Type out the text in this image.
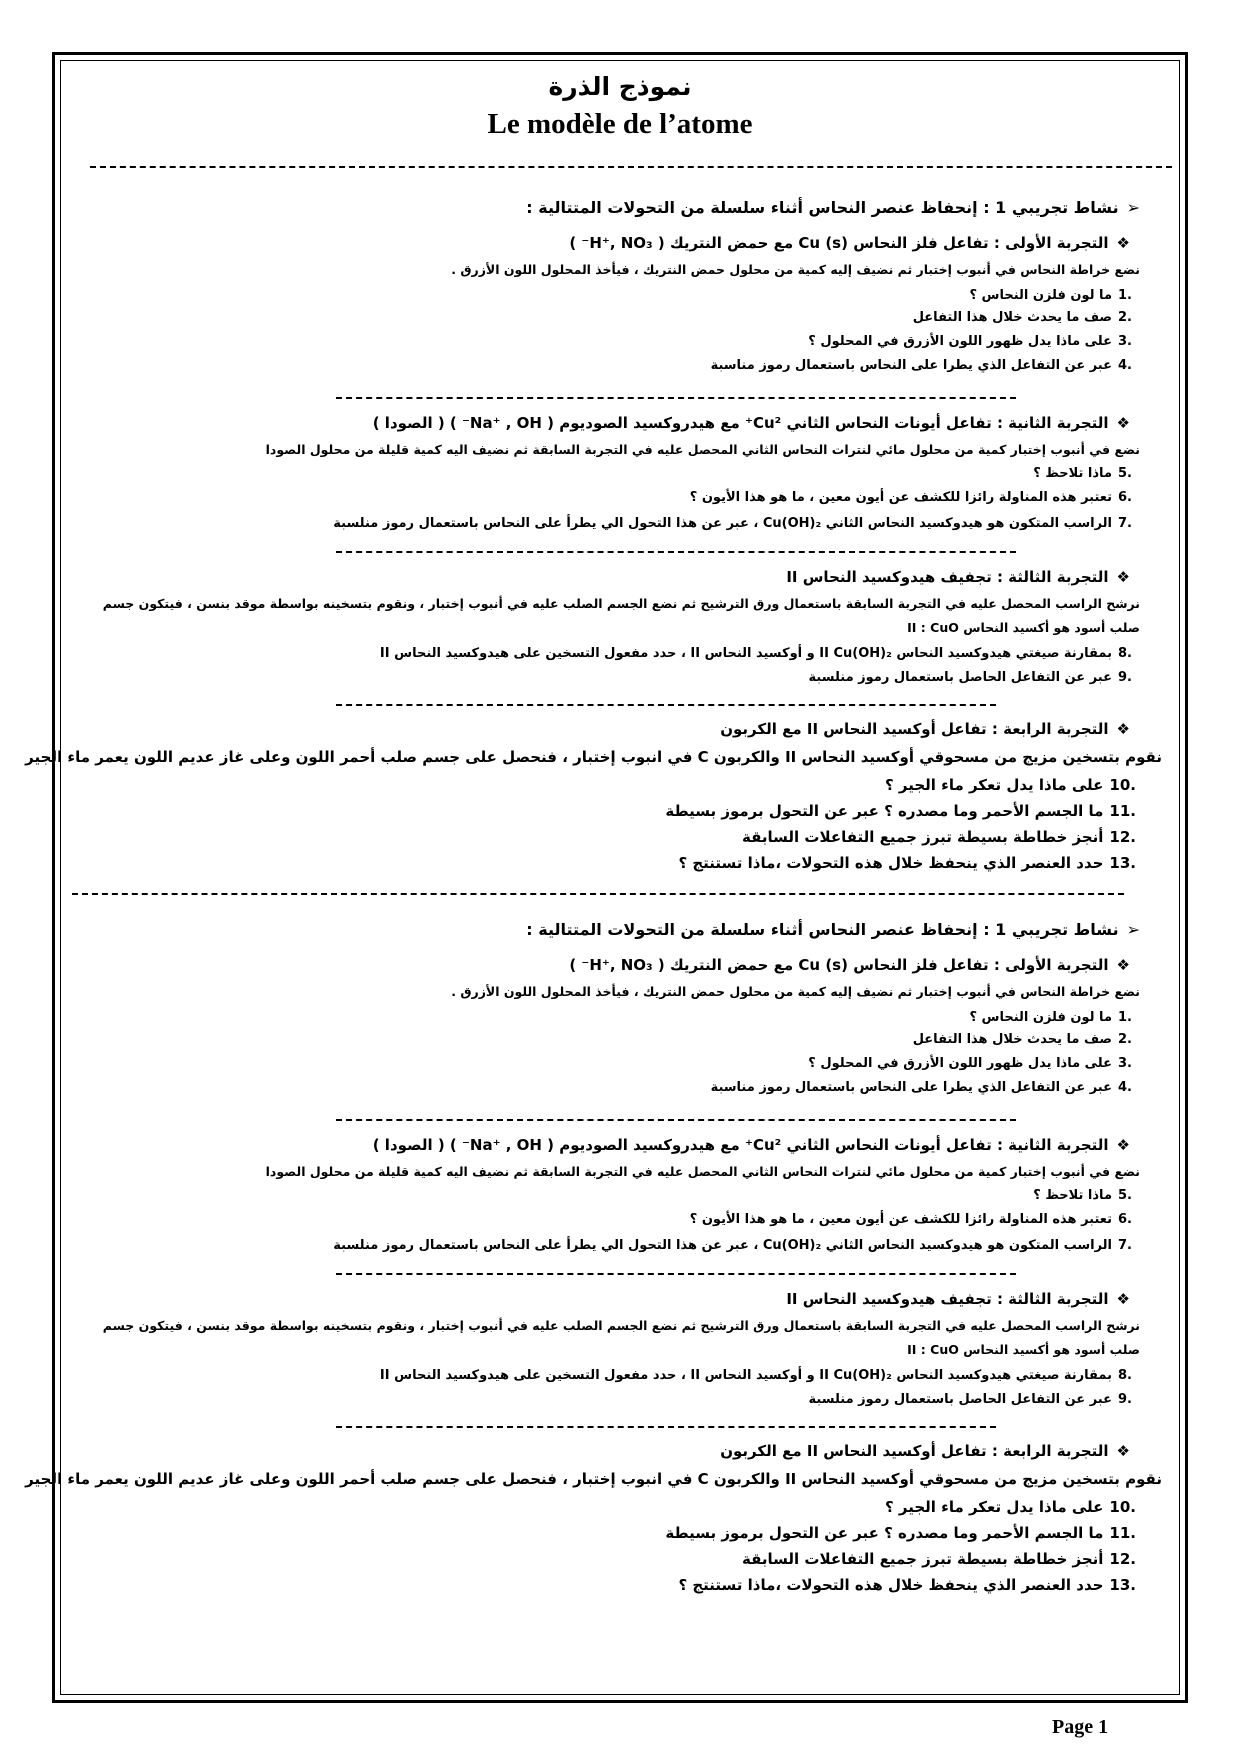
نموذج الذرة
Le modèle de l’atome
➢نشاط تجريبي 1 : إنحفاظ عنصر النحاس أثناء سلسلة من التحولات المتتالية :
❖التجربة الأولى : تفاعل فلز النحاس Cu (s) مع حمض النتريك ( H⁺, NO₃⁻ )
نضع خراطة النحاس في أنبوب إختبار ثم نضيف إليه كمية من محلول حمض النتريك ، فيأخذ المحلول اللون الأزرق .
.1ما لون فلزن النحاس ؟
.2صف ما يحدث خلال هذا التفاعل
.3على ماذا يدل ظهور اللون الأزرق في المحلول ؟
.4عبر عن التفاعل الذي يطرا على النحاس باستعمال رموز مناسبة
❖التجربة الثانية : تفاعل أيونات النحاس الثاني Cu²⁺ مع هيدروكسيد الصوديوم ( Na⁺ , OH⁻ ) ( الصودا )
نضع في أنبوب إختبار كمية من محلول مائي لنترات النحاس الثاني المحصل عليه في التجربة السابقة ثم نضيف اليه كمية قليلة من محلول الصودا
.5ماذا تلاحظ ؟
.6تعتبر هذه المناولة رائزا للكشف عن أيون معين ، ما هو هذا الأيون ؟
.7الراسب المتكون هو هيدوكسيد النحاس الثاني Cu(OH)₂ ، عبر عن هذا التحول الي يطرأ على النحاس باستعمال رموز منلسبة
❖التجربة الثالثة : تجفيف هيدوكسيد النحاس II
نرشح الراسب المحصل عليه في التجربة السابقة باستعمال ورق الترشيح ثم نضع الجسم الصلب عليه في أنبوب إختبار ، ونقوم بتسخينه بواسطة موقد بنسن ، فيتكون جسم
صلب أسود هو أكسيد النحاس II : CuO
.8بمقارنة صيغتي هيدوكسيد النحاس II Cu(OH)₂ و أوكسيد النحاس II ، حدد مفعول التسخين على هيدوكسيد النحاس II
.9عبر عن التفاعل الحاصل باستعمال رموز منلسبة
❖التجربة الرابعة : تفاعل أوكسيد النحاس II مع الكربون
نقوم بتسخين مزيج من مسحوقي أوكسيد النحاس II والكربون C في انبوب إختبار ، فنحصل على جسم صلب أحمر اللون وعلى غاز عديم اللون يعمر ماء الجير
.10على ماذا يدل تعكر ماء الجير ؟
.11ما الجسم الأحمر وما مصدره ؟ عبر عن التحول برموز بسيطة
.12أنجز خطاطة بسيطة تبرز جميع التفاعلات السابقة
.13حدد العنصر الذي ينحفظ خلال هذه التحولات ،ماذا تستنتج ؟
➢نشاط تجريبي 1 : إنحفاظ عنصر النحاس أثناء سلسلة من التحولات المتتالية :
❖التجربة الأولى : تفاعل فلز النحاس Cu (s) مع حمض النتريك ( H⁺, NO₃⁻ )
نضع خراطة النحاس في أنبوب إختبار ثم نضيف إليه كمية من محلول حمض النتريك ، فيأخذ المحلول اللون الأزرق .
.1ما لون فلزن النحاس ؟
.2صف ما يحدث خلال هذا التفاعل
.3على ماذا يدل ظهور اللون الأزرق في المحلول ؟
.4عبر عن التفاعل الذي يطرا على النحاس باستعمال رموز مناسبة
❖التجربة الثانية : تفاعل أيونات النحاس الثاني Cu²⁺ مع هيدروكسيد الصوديوم ( Na⁺ , OH⁻ ) ( الصودا )
نضع في أنبوب إختبار كمية من محلول مائي لنترات النحاس الثاني المحصل عليه في التجربة السابقة ثم نضيف اليه كمية قليلة من محلول الصودا
.5ماذا تلاحظ ؟
.6تعتبر هذه المناولة رائزا للكشف عن أيون معين ، ما هو هذا الأيون ؟
.7الراسب المتكون هو هيدوكسيد النحاس الثاني Cu(OH)₂ ، عبر عن هذا التحول الي يطرأ على النحاس باستعمال رموز منلسبة
❖التجربة الثالثة : تجفيف هيدوكسيد النحاس II
نرشح الراسب المحصل عليه في التجربة السابقة باستعمال ورق الترشيح ثم نضع الجسم الصلب عليه في أنبوب إختبار ، ونقوم بتسخينه بواسطة موقد بنسن ، فيتكون جسم
صلب أسود هو أكسيد النحاس II : CuO
.8بمقارنة صيغتي هيدوكسيد النحاس II Cu(OH)₂ و أوكسيد النحاس II ، حدد مفعول التسخين على هيدوكسيد النحاس II
.9عبر عن التفاعل الحاصل باستعمال رموز منلسبة
❖التجربة الرابعة : تفاعل أوكسيد النحاس II مع الكربون
نقوم بتسخين مزيج من مسحوقي أوكسيد النحاس II والكربون C في انبوب إختبار ، فنحصل على جسم صلب أحمر اللون وعلى غاز عديم اللون يعمر ماء الجير
.10على ماذا يدل تعكر ماء الجير ؟
.11ما الجسم الأحمر وما مصدره ؟ عبر عن التحول برموز بسيطة
.12أنجز خطاطة بسيطة تبرز جميع التفاعلات السابقة
.13حدد العنصر الذي ينحفظ خلال هذه التحولات ،ماذا تستنتج ؟
Page 1
